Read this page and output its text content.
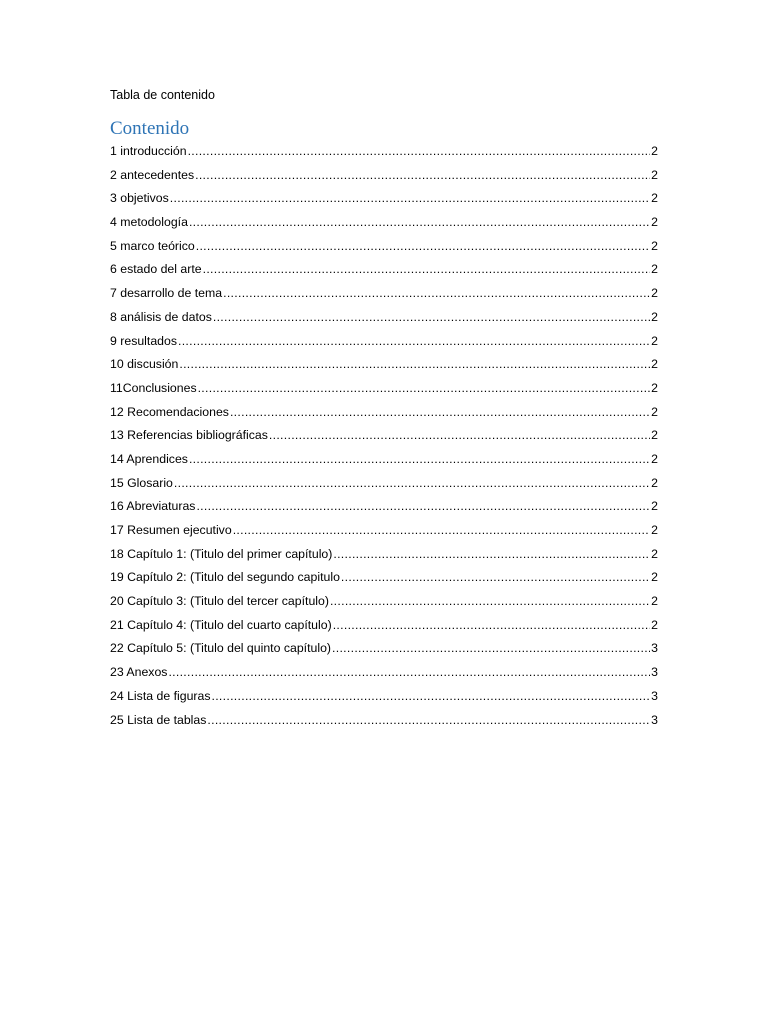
Tabla de contenido
Contenido
1 introducción .....	2
2 antecedentes .....	2
3 objetivos .....	2
4 metodología .....	2
5 marco teórico .....	2
6 estado del arte .....	2
7 desarrollo de tema .....	2
8 análisis de datos .....	2
9 resultados .....	2
10 discusión .....	2
11Conclusiones .....	2
12 Recomendaciones .....	2
13 Referencias bibliográficas .....	2
14 Aprendices .....	2
15 Glosario .....	2
16 Abreviaturas .....	2
17 Resumen ejecutivo .....	2
18 Capítulo 1: (Titulo del primer capítulo) .....	2
19 Capítulo 2: (Titulo del segundo capitulo .....	2
20 Capítulo 3: (Titulo del tercer capítulo) .....	2
21 Capítulo 4: (Titulo del cuarto capítulo) .....	2
22 Capítulo 5: (Titulo del quinto capítulo) .....	3
23 Anexos .....	3
24 Lista de figuras .....	3
25 Lista de tablas .....	3
